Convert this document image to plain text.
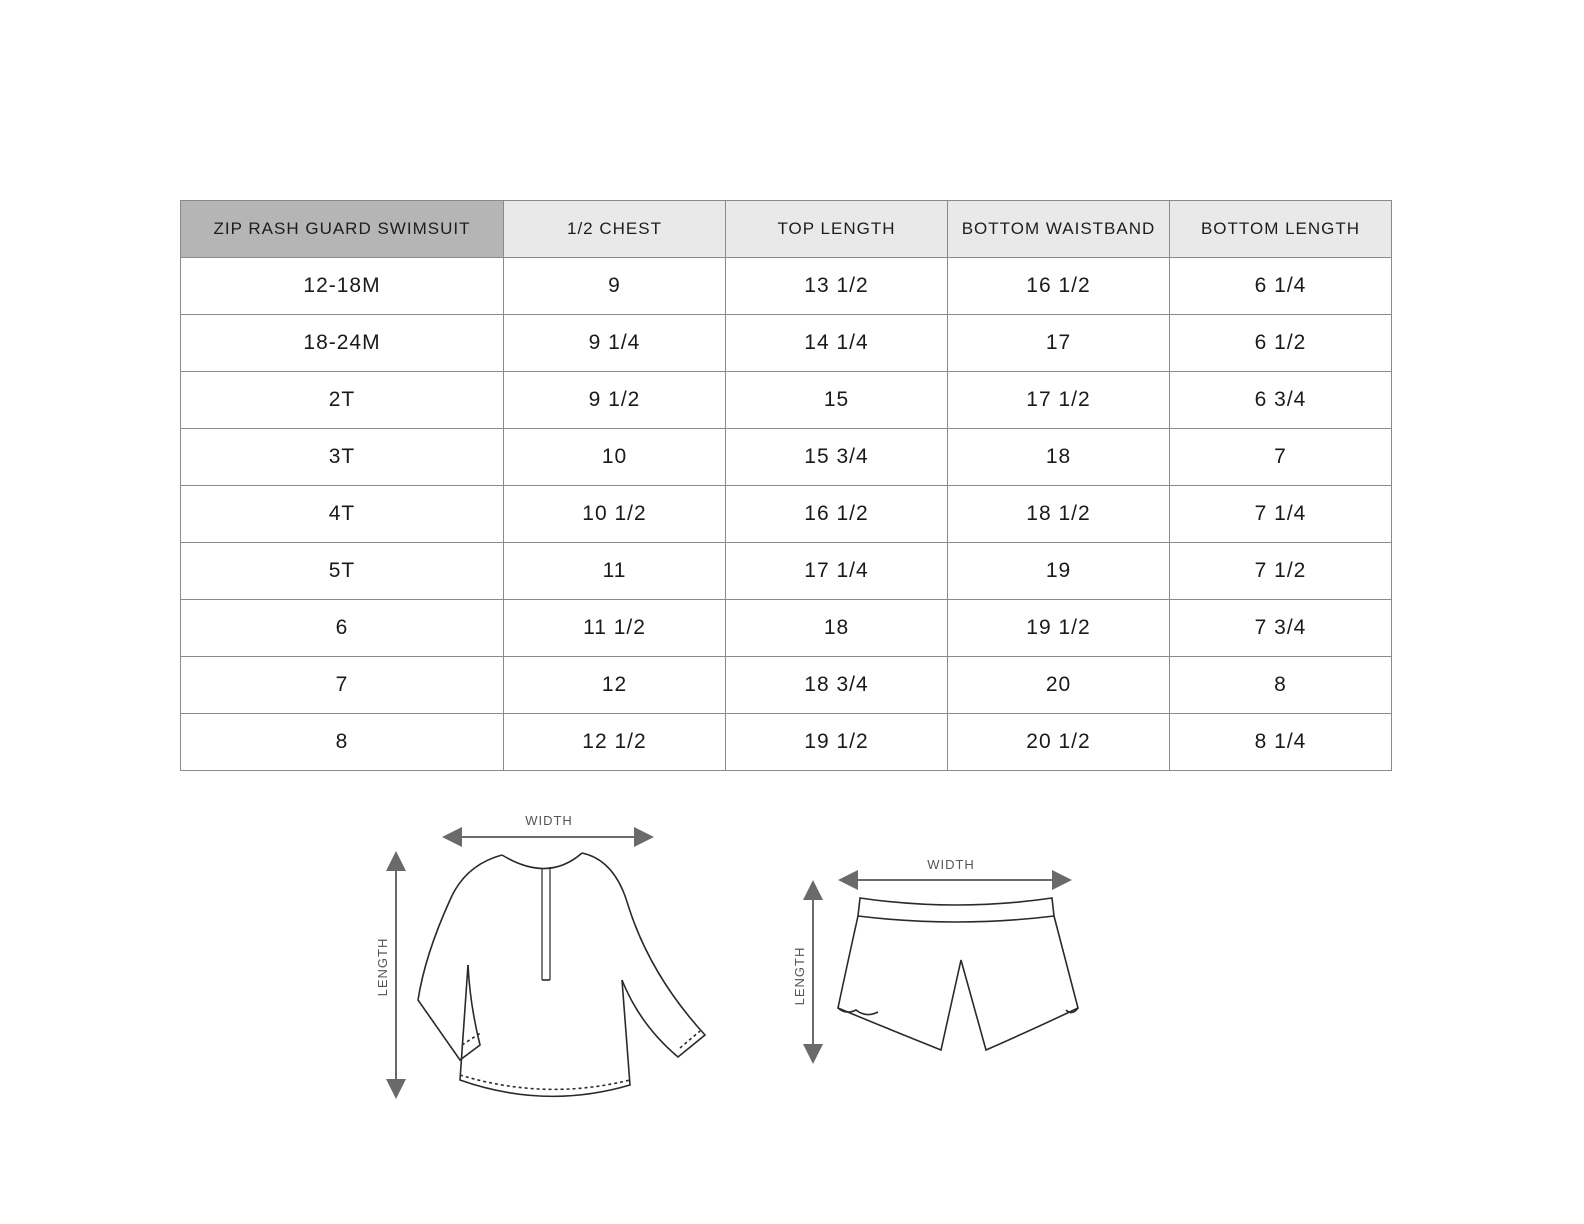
ZIP RASH GUARD SWIMSUIT	1/2 CHEST	TOP LENGTH	BOTTOM WAISTBAND	BOTTOM LENGTH
12-18M	9	13 1/2	16 1/2	6 1/4
18-24M	9 1/4	14 1/4	17	6 1/2
2T	9 1/2	15	17 1/2	6 3/4
3T	10	15 3/4	18	7
4T	10 1/2	16 1/2	18 1/2	7 1/4
5T	11	17 1/4	19	7 1/2
6	11 1/2	18	19 1/2	7 3/4
7	12	18 3/4	20	8
8	12 1/2	19 1/2	20 1/2	8 1/4
WIDTH
LENGTH
WIDTH
LENGTH
